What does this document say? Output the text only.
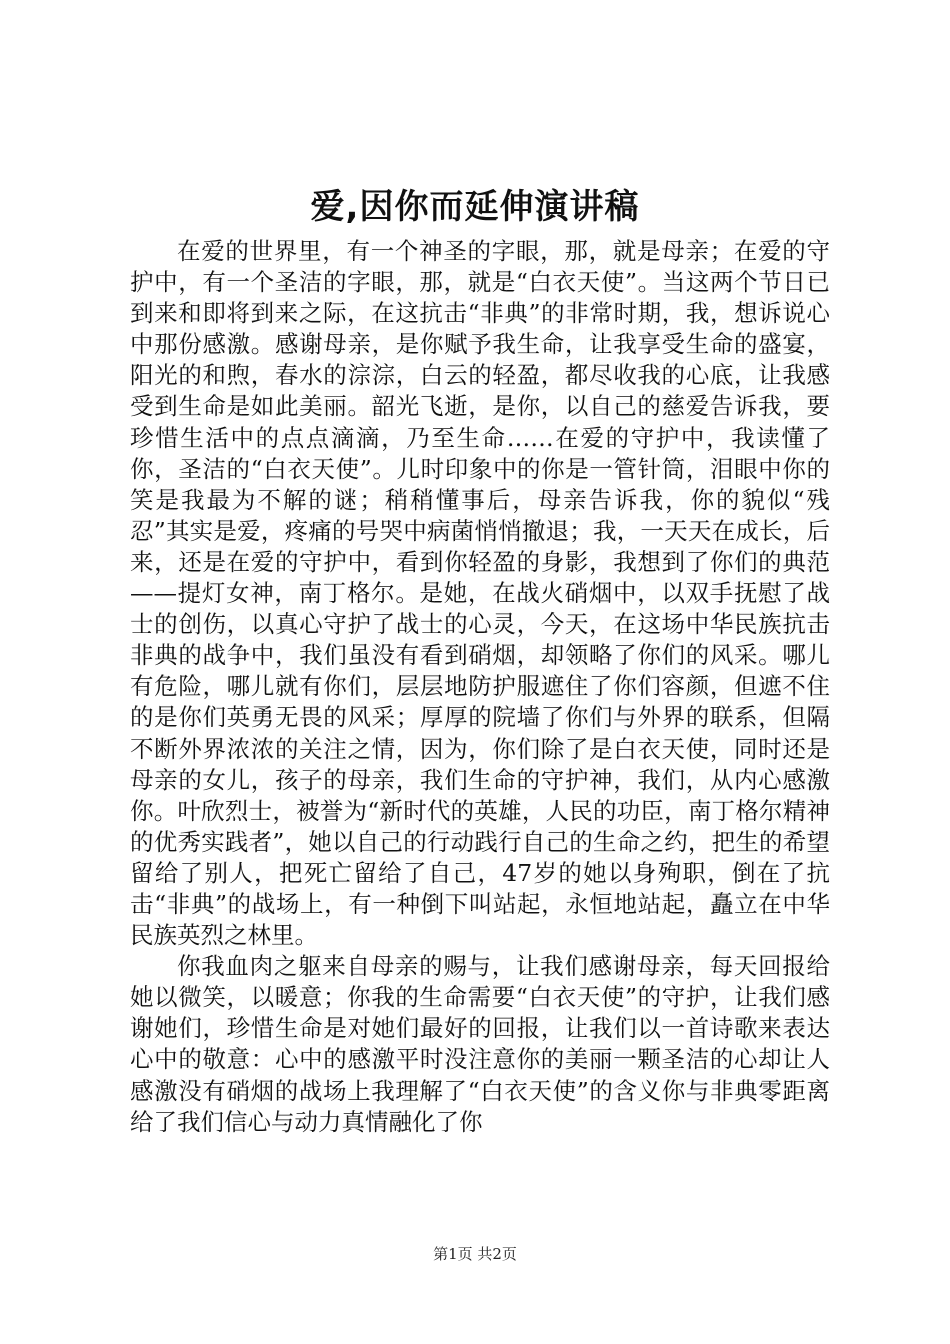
爱,因你而延伸演讲稿

在爱的世界里，有一个神圣的字眼，那，就是母亲；在爱的守护中，有一个圣洁的字眼，那，就是“白衣天使”。当这两个节日已到来和即将到来之际，在这抗击“非典”的非常时期，我，想诉说心中那份感激。感谢母亲，是你赋予我生命，让我享受生命的盛宴，阳光的和煦，春水的淙淙，白云的轻盈，都尽收我的心底，让我感受到生命是如此美丽。韶光飞逝，是你，以自己的慈爱告诉我，要珍惜生活中的点点滴滴，乃至生命……在爱的守护中，我读懂了你，圣洁的“白衣天使”。儿时印象中的你是一管针筒，泪眼中你的笑是我最为不解的谜；稍稍懂事后，母亲告诉我，你的貌似“残忍”其实是爱，疼痛的号哭中病菌悄悄撤退；我，一天天在成长，后来，还是在爱的守护中，看到你轻盈的身影，我想到了你们的典范——提灯女神，南丁格尔。是她，在战火硝烟中，以双手抚慰了战士的创伤，以真心守护了战士的心灵，今天，在这场中华民族抗击非典的战争中，我们虽没有看到硝烟，却领略了你们的风采。哪儿有危险，哪儿就有你们，层层地防护服遮住了你们容颜，但遮不住的是你们英勇无畏的风采；厚厚的院墙了你们与外界的联系，但隔不断外界浓浓的关注之情，因为，你们除了是白衣天使，同时还是母亲的女儿，孩子的母亲，我们生命的守护神，我们，从内心感激你。叶欣烈士，被誉为“新时代的英雄，人民的功臣，南丁格尔精神的优秀实践者”，她以自己的行动践行自己的生命之约，把生的希望留给了别人，把死亡留给了自己，47岁的她以身殉职，倒在了抗击“非典”的战场上，有一种倒下叫站起，永恒地站起，矗立在中华民族英烈之林里。

你我血肉之躯来自母亲的赐与，让我们感谢母亲，每天回报给她以微笑，以暖意；你我的生命需要“白衣天使”的守护，让我们感谢她们，珍惜生命是对她们最好的回报，让我们以一首诗歌来表达心中的敬意：心中的感激平时没注意你的美丽一颗圣洁的心却让人感激没有硝烟的战场上我理解了“白衣天使”的含义你与非典零距离给了我们信心与动力真情融化了你

第1页 共2页
